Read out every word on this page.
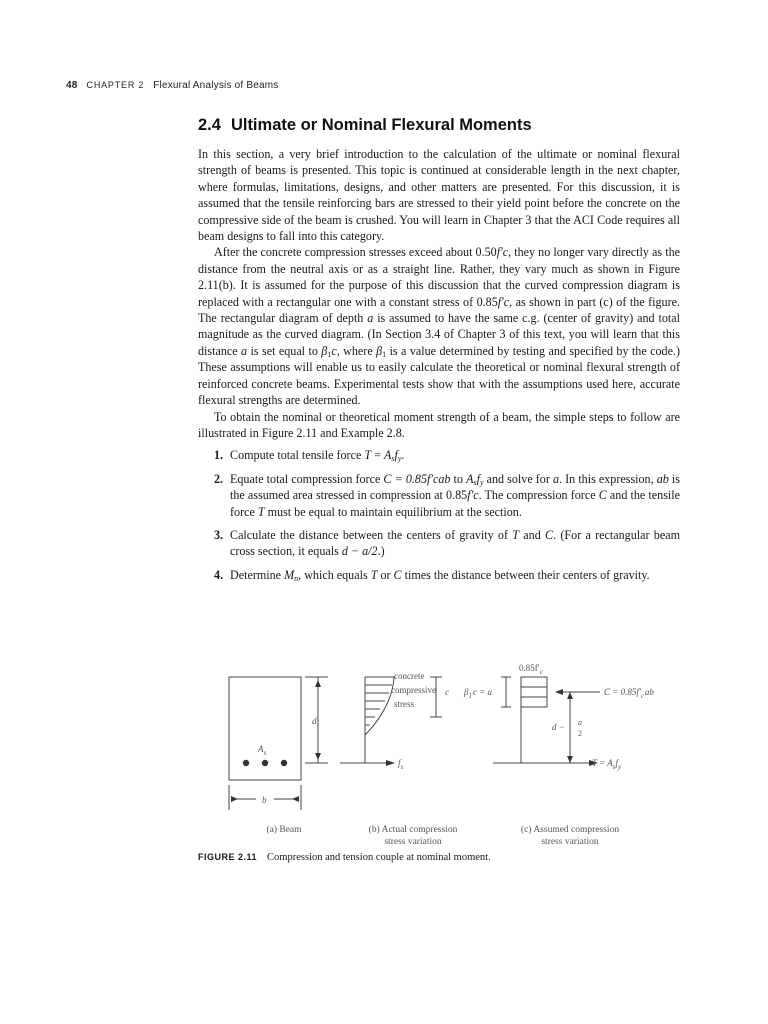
48 CHAPTER 2 Flexural Analysis of Beams
2.4 Ultimate or Nominal Flexural Moments

In this section, a very brief introduction to the calculation of the ultimate or nominal flexural strength of beams is presented. This topic is continued at considerable length in the next chapter, where formulas, limitations, designs, and other matters are presented. For this discussion, it is assumed that the tensile reinforcing bars are stressed to their yield point before the concrete on the compressive side of the beam is crushed. You will learn in Chapter 3 that the ACI Code requires all beam designs to fall into this category.

After the concrete compression stresses exceed about 0.50f′c, they no longer vary directly as the distance from the neutral axis or as a straight line. Rather, they vary much as shown in Figure 2.11(b). It is assumed for the purpose of this discussion that the curved compression diagram is replaced with a rectangular one with a constant stress of 0.85f′c, as shown in part (c) of the figure. The rectangular diagram of depth a is assumed to have the same c.g. (center of gravity) and total magnitude as the curved diagram. (In Section 3.4 of Chapter 3 of this text, you will learn that this distance a is set equal to $\beta_1c$, where $\beta_1$ is a value determined by testing and specified by the code.) These assumptions will enable us to easily calculate the theoretical or nominal flexural strength of reinforced concrete beams. Experimental tests show that with the assumptions used here, accurate flexural strengths are determined.

To obtain the nominal or theoretical moment strength of a beam, the simple steps to follow are illustrated in Figure 2.11 and Example 2.8.

1. Compute total tensile force $T = A_sf_y$.
2. Equate total compression force C = 0.85f′cab to $A_sf_y$ and solve for a. In this expression, ab is the assumed area stressed in compression at 0.85f′c. The compression force C and the tensile force T must be equal to maintain equilibrium at the section.
3. Calculate the distance between the centers of gravity of T and C. (For a rectangular beam cross section, it equals d − a/2.)
4. Determine $M_n$, which equals T or C times the distance between their centers of gravity.
$A_s$
d
b
concrete
compressive
stress
c
$f_s$
$0.85f'_c$
$\beta_1c = a$	$C = 0.85f'_cab$
d − a
2
$T = A_sf_y$
(a) Beam	(b) Actual compression
stress variation
(c) Assumed compression
stress variation
FIGURE 2.11 Compression and tension couple at nominal moment.
